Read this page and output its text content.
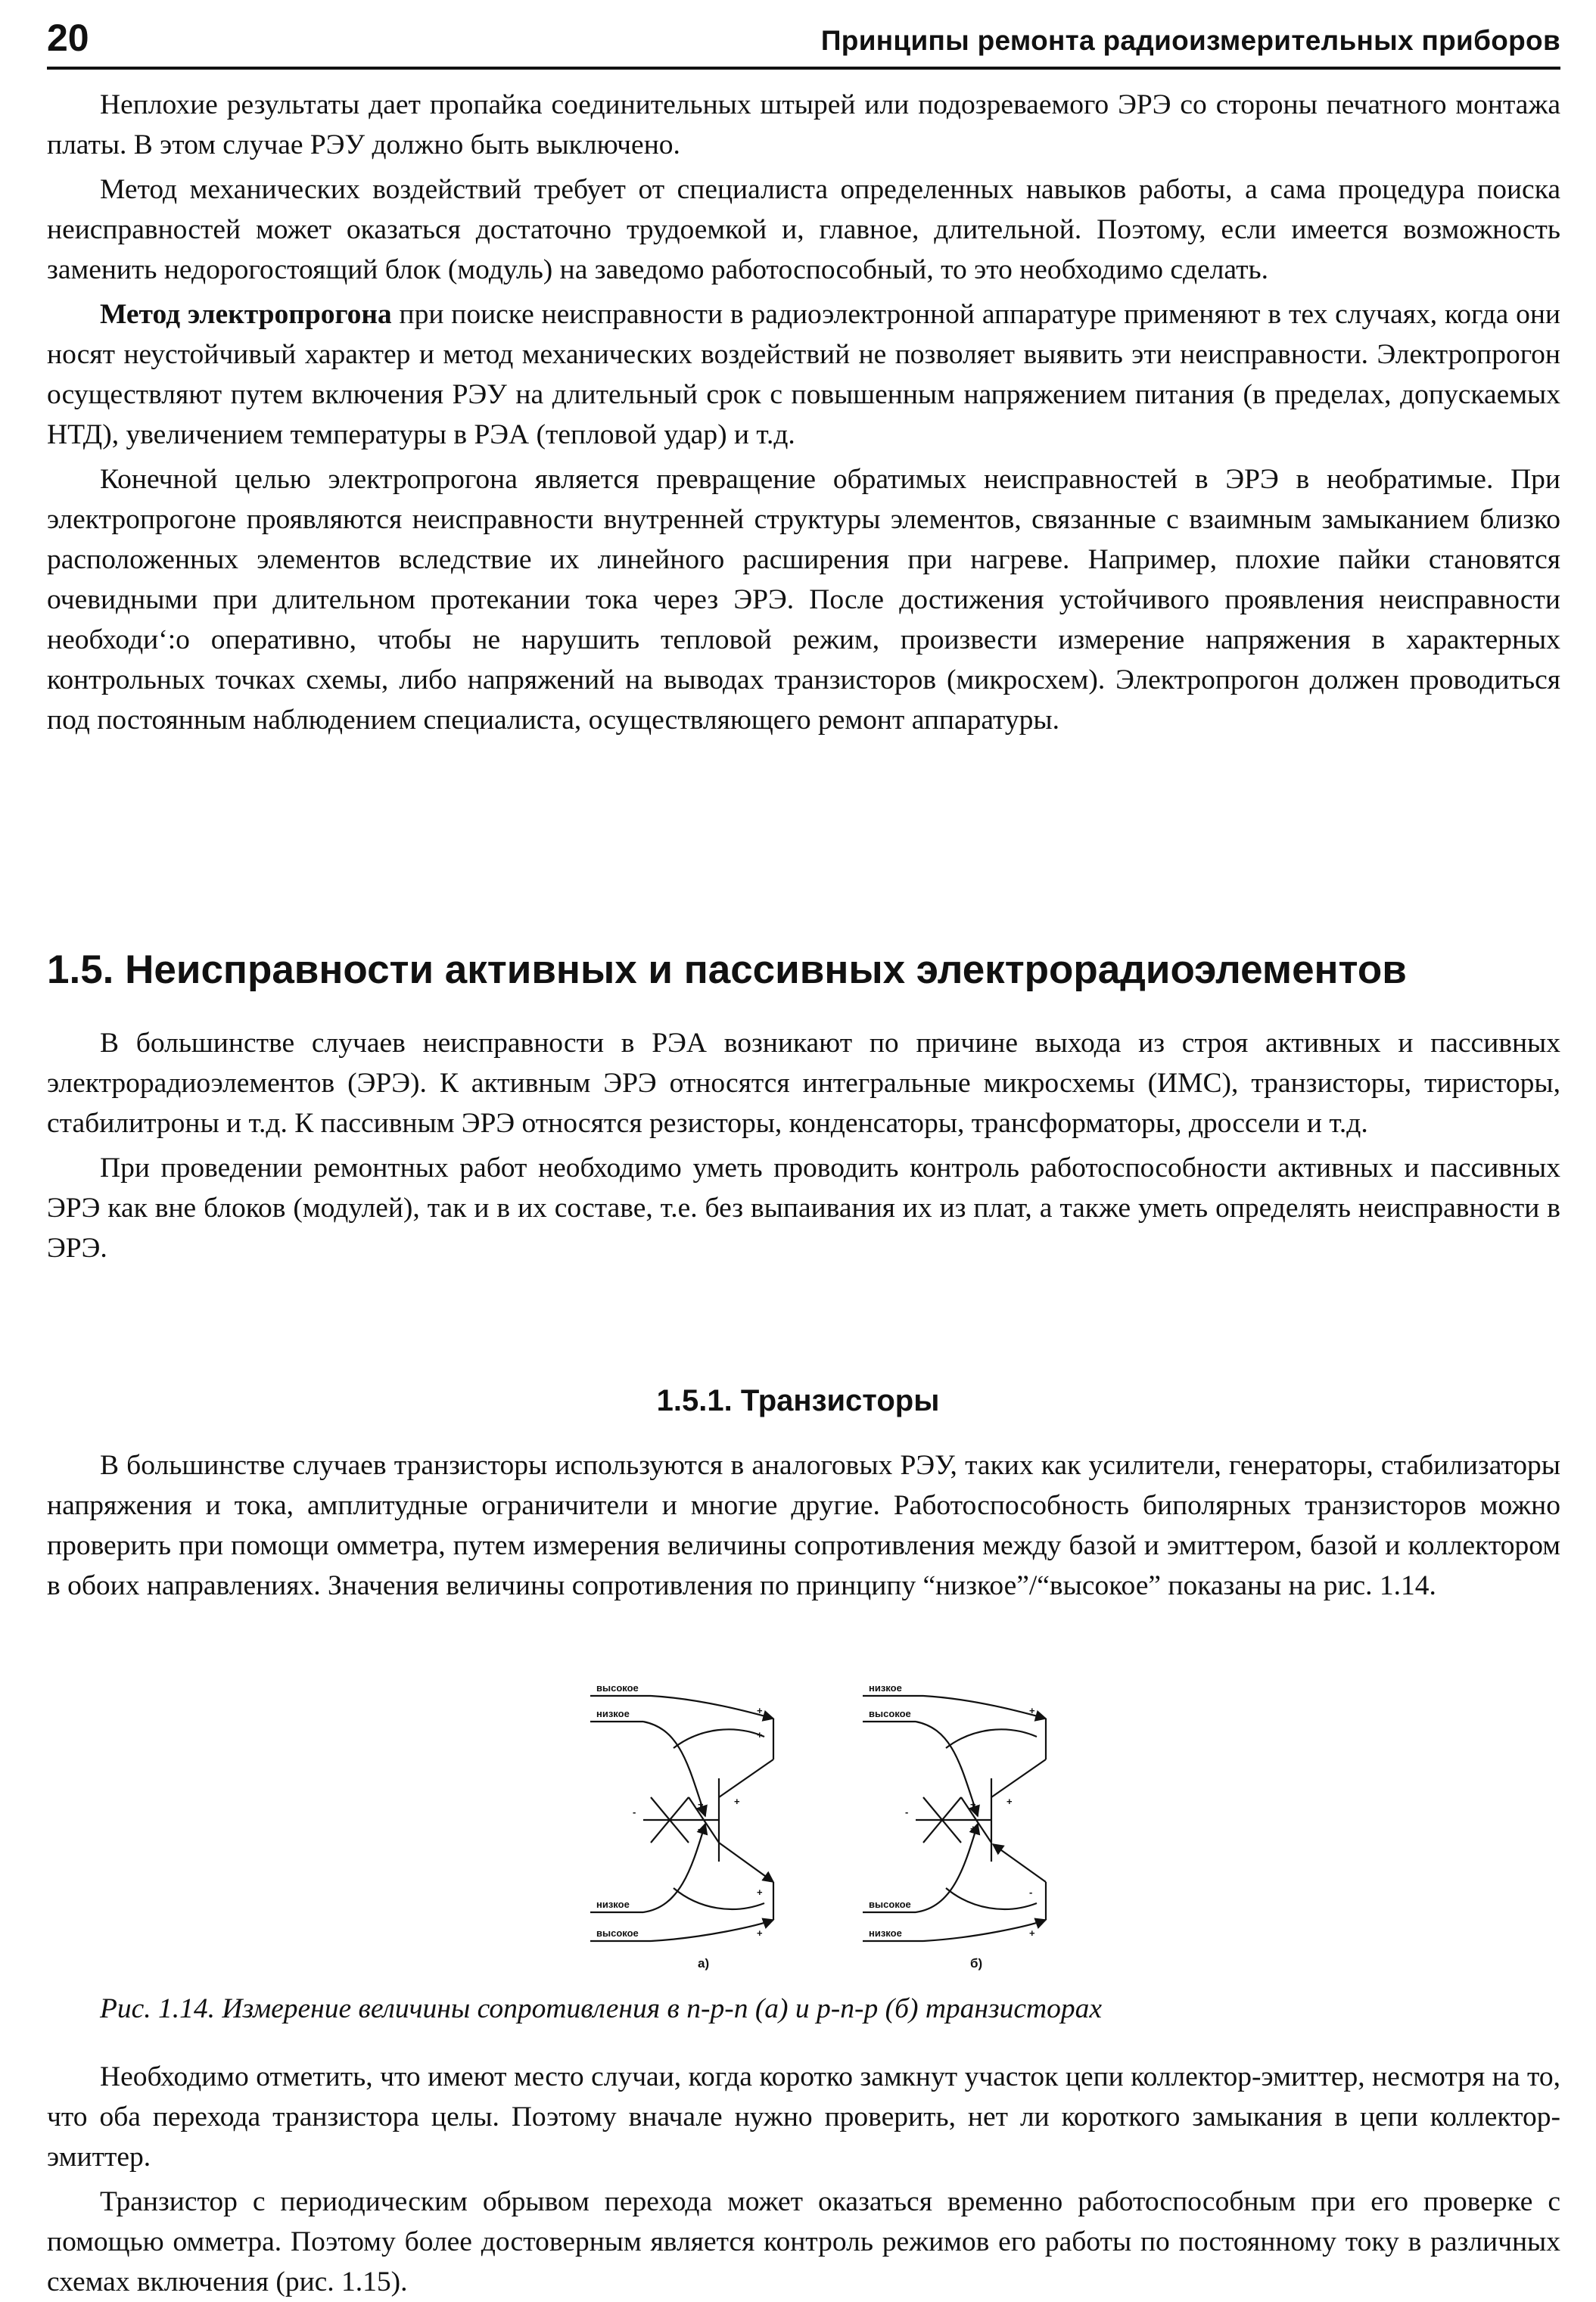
20	Принципы ремонта радиоизмерительных приборов

Неплохие результаты дает пропайка соединительных штырей или подозреваемого ЭРЭ со стороны печатного монтажа платы. В этом случае РЭУ должно быть выключено.

Метод механических воздействий требует от специалиста определенных навыков работы, а сама процедура поиска неисправностей может оказаться достаточно трудоемкой и, главное, длительной. Поэтому, если имеется возможность заменить недорогостоящий блок (модуль) на заведомо работоспособный, то это необходимо сделать.

Метод электропрогона при поиске неисправности в радиоэлектронной аппаратуре применяют в тех случаях, когда они носят неустойчивый характер и метод механических воздействий не позволяет выявить эти неисправности. Электропрогон осуществляют путем включения РЭУ на длительный срок с повышенным напряжением питания (в пределах, допускаемых НТД), увеличением температуры в РЭА (тепловой удар) и т.д.

Конечной целью электропрогона является превращение обратимых неисправностей в ЭРЭ в необратимые. При электропрогоне проявляются неисправности внутренней структуры элементов, связанные с взаимным замыканием близко расположенных элементов вследствие их линейного расширения при нагреве. Например, плохие пайки становятся очевидными при длительном протекании тока через ЭРЭ. После достижения устойчивого проявления неисправности необходи‘:о оперативно, чтобы не нарушить тепловой режим, произвести измерение напряжения в характерных контрольных точках схемы, либо напряжений на выводах транзисторов (микросхем). Электропрогон должен проводиться под постоянным наблюдением специалиста, осуществляющего ремонт аппаратуры.

1.5. Неисправности активных и пассивных электрорадиоэлементов

В большинстве случаев неисправности в РЭА возникают по причине выхода из строя активных и пассивных электрорадиоэлементов (ЭРЭ). К активным ЭРЭ относятся интегральные микросхемы (ИМС), транзисторы, тиристоры, стабилитроны и т.д. К пассивным ЭРЭ относятся резисторы, конденсаторы, трансформаторы, дроссели и т.д.

При проведении ремонтных работ необходимо уметь проводить контроль работоспособности активных и пассивных ЭРЭ как вне блоков (модулей), так и в их составе, т.е. без выпаивания их из плат, а также уметь определять неисправности в ЭРЭ.

1.5.1. Транзисторы

В большинстве случаев транзисторы используются в аналоговых РЭУ, таких как усилители, генераторы, стабилизаторы напряжения и тока, амплитудные ограничители и многие другие. Работоспособность биполярных транзисторов можно проверить при помощи омметра, путем измерения величины сопротивления между базой и эмиттером, базой и коллектором в обоих направлениях. Значения величины сопротивления по принципу “низкое”/“высокое” показаны на рис. 1.14.

высокое
низкое
низкое
высокое
+
+
-
+	+
-
+
+
а)
низкое
высокое
высокое
низкое
+
-
+	+
+
-
+
б)
Рис. 1.14. Измерение величины сопротивления в n-p-n (а) и p-n-p (б) транзисторах

Необходимо отметить, что имеют место случаи, когда коротко замкнут участок цепи коллектор-эмиттер, несмотря на то, что оба перехода транзистора целы. Поэтому вначале нужно проверить, нет ли короткого замыкания в цепи коллектор-эмиттер.

Транзистор с периодическим обрывом перехода может оказаться временно работоспособным при его проверке с помощью омметра. Поэтому более достоверным является контроль режимов его работы по постоянному току в различных схемах включения (рис. 1.15).
